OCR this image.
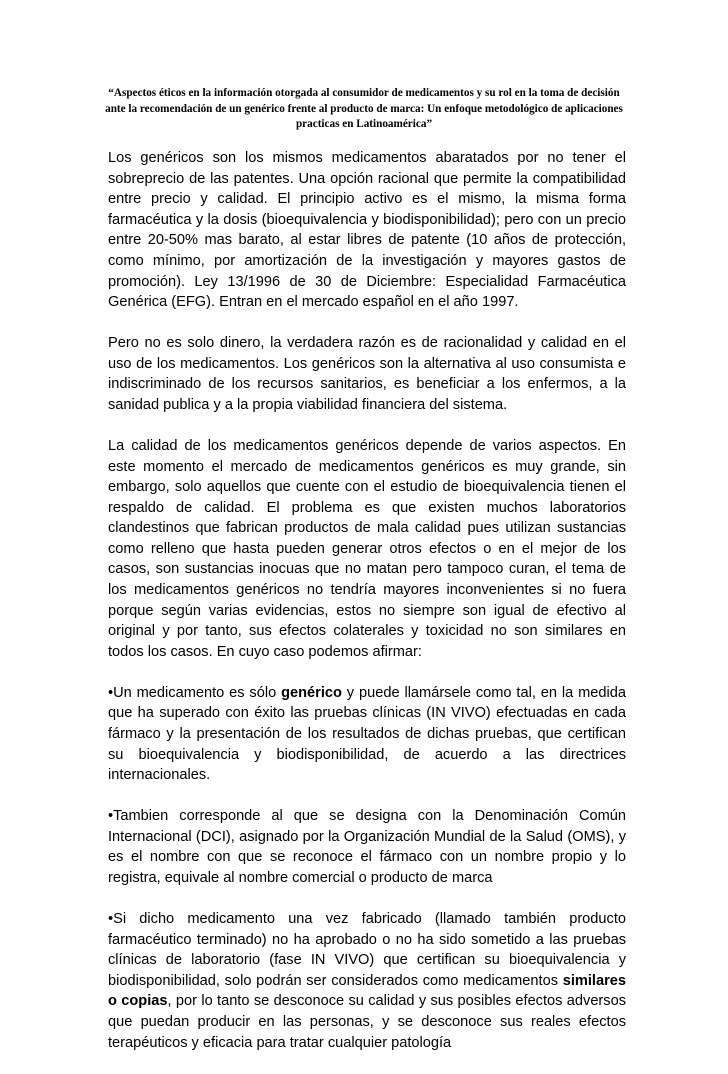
“Aspectos éticos en la información otorgada al consumidor de medicamentos y su rol en la toma de decisión ante la recomendación de un genérico frente al producto de marca: Un enfoque metodológico de aplicaciones practicas en Latinoamérica”

Los genéricos son los mismos medicamentos abaratados por no tener el sobreprecio de las patentes. Una opción racional que permite la compatibilidad entre precio y calidad. El principio activo es el mismo, la misma forma farmacéutica y la dosis (bioequivalencia y biodisponibilidad); pero con un precio entre 20-50% mas barato, al estar libres de patente (10 años de protección, como mínimo, por amortización de la investigación y mayores gastos de promoción). Ley 13/1996 de 30 de Diciembre: Especialidad Farmacéutica Genérica (EFG). Entran en el mercado español en el año 1997.

Pero no es solo dinero, la verdadera razón es de racionalidad y calidad en el uso de los medicamentos. Los genéricos son la alternativa al uso consumista e indiscriminado de los recursos sanitarios, es beneficiar a los enfermos, a la sanidad publica y a la propia viabilidad financiera del sistema.

La calidad de los medicamentos genéricos depende de varios aspectos. En este momento el mercado de medicamentos genéricos es muy grande, sin embargo, solo aquellos que cuente con el estudio de bioequivalencia tienen el respaldo de calidad. El problema es que existen muchos laboratorios clandestinos que fabrican productos de mala calidad pues utilizan sustancias como relleno que hasta pueden generar otros efectos o en el mejor de los casos, son sustancias inocuas que no matan pero tampoco curan, el tema de los medicamentos genéricos no tendría mayores inconvenientes si no fuera porque según varias evidencias, estos no siempre son igual de efectivo al original y por tanto, sus efectos colaterales y toxicidad no son similares en todos los casos. En cuyo caso podemos afirmar:

•Un medicamento es sólo genérico y puede llamársele como tal, en la medida que ha superado con éxito las pruebas clínicas (IN VIVO) efectuadas en cada fármaco y la presentación de los resultados de dichas pruebas, que certifican su bioequivalencia y biodisponibilidad, de acuerdo a las directrices internacionales.

•Tambien corresponde al que se designa con la Denominación Común Internacional (DCI), asignado por la Organización Mundial de la Salud (OMS), y es el nombre con que se reconoce el fármaco con un nombre propio y lo registra, equivale al nombre comercial o producto de marca

•Si dicho medicamento una vez fabricado (llamado también producto farmacéutico terminado) no ha aprobado o no ha sido sometido a las pruebas clínicas de laboratorio (fase IN VIVO) que certifican su bioequivalencia y biodisponibilidad, solo podrán ser considerados como medicamentos similares o copias, por lo tanto se desconoce su calidad y sus posibles efectos adversos que puedan producir en las personas, y se desconoce sus reales efectos terapéuticos y eficacia para tratar cualquier patología
